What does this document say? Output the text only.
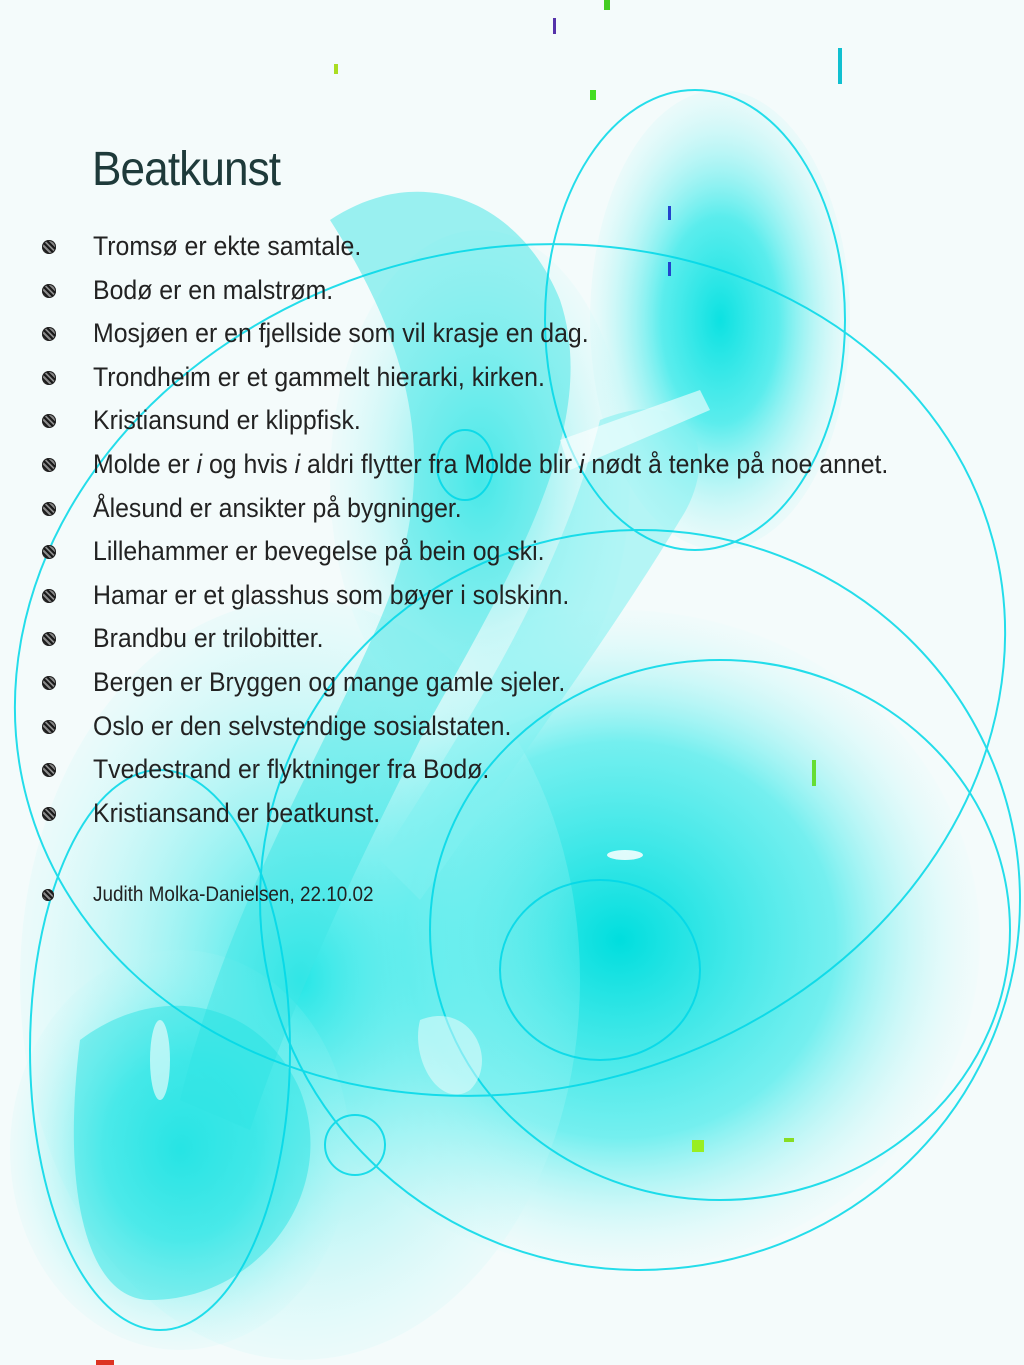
Beatkunst
Tromsø er ekte samtale.
Bodø er en malstrøm.
Mosjøen er en fjellside som vil krasje en dag.
Trondheim er et gammelt hierarki, kirken.
Kristiansund er klippfisk.
Molde er i og hvis i aldri flytter fra Molde blir i nødt å tenke på noe annet.
Ålesund er ansikter på bygninger.
Lillehammer er bevegelse på bein og ski.
Hamar er et glasshus som bøyer i solskinn.
Brandbu er trilobitter.
Bergen er Bryggen og mange gamle sjeler.
Oslo er den selvstendige sosialstaten.
Tvedestrand er flyktninger fra Bodø.
Kristiansand er beatkunst.
Judith Molka-Danielsen, 22.10.02
